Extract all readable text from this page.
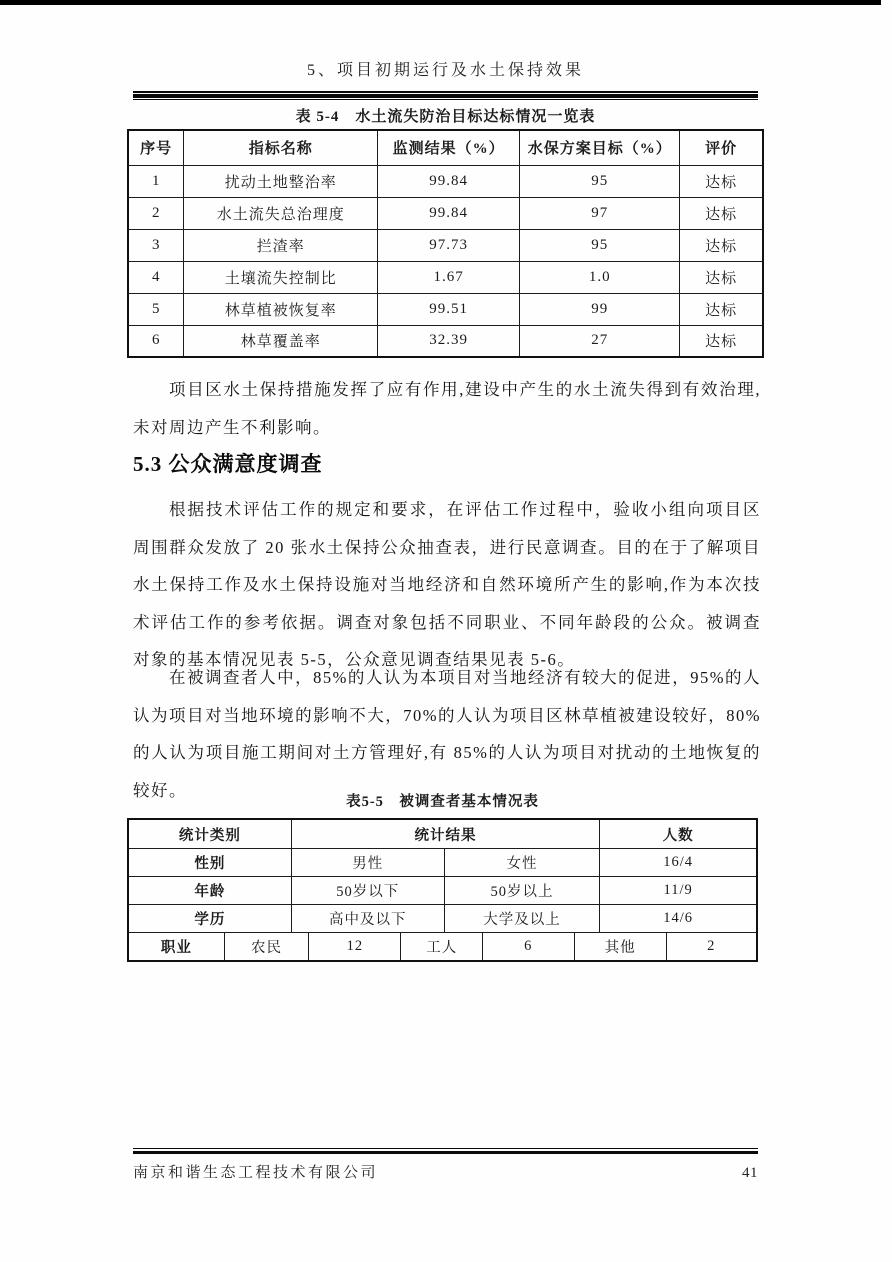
5、项目初期运行及水土保持效果
表 5-4　水土流失防治目标达标情况一览表
序号	指标名称	监测结果（%）	水保方案目标（%）	评价
1	扰动土地整治率	99.84	95	达标
2	水土流失总治理度	99.84	97	达标
3	拦渣率	97.73	95	达标
4	土壤流失控制比	1.67	1.0	达标
5	林草植被恢复率	99.51	99	达标
6	林草覆盖率	32.39	27	达标

项目区水土保持措施发挥了应有作用,建设中产生的水土流失得到有效治理,未对周边产生不利影响。

5.3 公众满意度调查

根据技术评估工作的规定和要求，在评估工作过程中，验收小组向项目区周围群众发放了 20 张水土保持公众抽查表，进行民意调查。目的在于了解项目水土保持工作及水土保持设施对当地经济和自然环境所产生的影响,作为本次技术评估工作的参考依据。调查对象包括不同职业、不同年龄段的公众。被调查对象的基本情况见表 5-5，公众意见调查结果见表 5-6。

在被调查者人中，85%的人认为本项目对当地经济有较大的促进，95%的人认为项目对当地环境的影响不大，70%的人认为项目区林草植被建设较好，80%的人认为项目施工期间对土方管理好,有 85%的人认为项目对扰动的土地恢复的较好。

表5-5　被调查者基本情况表
统计类别	统计结果	人数
性别	男性	女性	16/4
年龄	50岁以下	50岁以上	11/9
学历	高中及以下	大学及以上	14/6
职业	农民	12	工人	6	其他	2
南京和谐生态工程技术有限公司	41
